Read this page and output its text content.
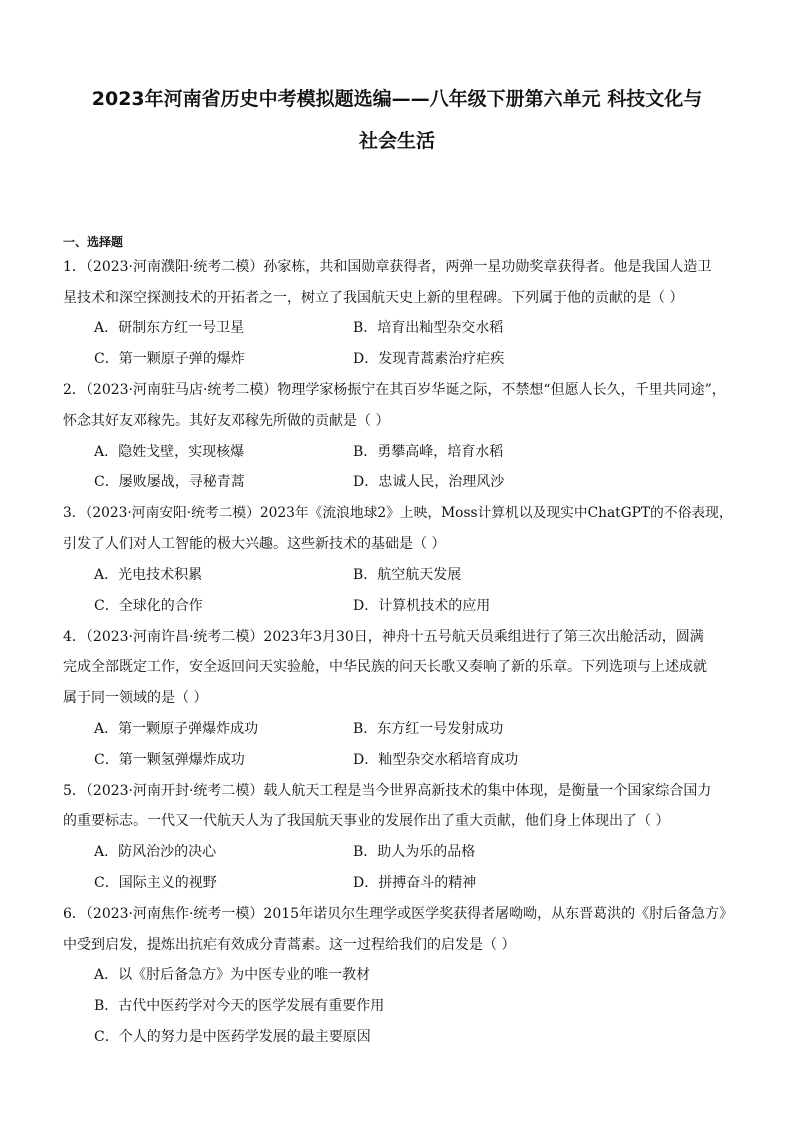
2023年河南省历史中考模拟题选编——八年级下册第六单元 科技文化与
社会生活

一、选择题

1．（2023·河南濮阳·统考二模）孙家栋，共和国勋章获得者，两弹一星功勋奖章获得者。他是我国人造卫

星技术和深空探测技术的开拓者之一，树立了我国航天史上新的里程碑。下列属于他的贡献的是（ ）

A．研制东方红一号卫星	B．培育出籼型杂交水稻

C．第一颗原子弹的爆炸	D．发现青蒿素治疗疟疾

2．（2023·河南驻马店·统考二模）物理学家杨振宁在其百岁华诞之际，不禁想“但愿人长久，千里共同途”，

怀念其好友邓稼先。其好友邓稼先所做的贡献是（ ）

A．隐姓戈壁，实现核爆	B．勇攀高峰，培育水稻

C．屡败屡战，寻秘青蒿	D．忠诚人民，治理风沙

3．（2023·河南安阳·统考二模）2023年《流浪地球2》上映，Moss计算机以及现实中ChatGPT的不俗表现，

引发了人们对人工智能的极大兴趣。这些新技术的基础是（ ）

A．光电技术积累	B．航空航天发展

C．全球化的合作	D．计算机技术的应用

4．（2023·河南许昌·统考二模）2023年3月30日，神舟十五号航天员乘组进行了第三次出舱活动，圆满

完成全部既定工作，安全返回问天实验舱，中华民族的问天长歌又奏响了新的乐章。下列选项与上述成就

属于同一领域的是（ ）

A．第一颗原子弹爆炸成功	B．东方红一号发射成功

C．第一颗氢弹爆炸成功	D．籼型杂交水稻培育成功

5．（2023·河南开封·统考二模）载人航天工程是当今世界高新技术的集中体现，是衡量一个国家综合国力

的重要标志。一代又一代航天人为了我国航天事业的发展作出了重大贡献，他们身上体现出了（ ）

A．防风治沙的决心	B．助人为乐的品格

C．国际主义的视野	D．拼搏奋斗的精神

6．（2023·河南焦作·统考一模）2015年诺贝尔生理学或医学奖获得者屠呦呦，从东晋葛洪的《肘后备急方》

中受到启发，提炼出抗疟有效成分青蒿素。这一过程给我们的启发是（ ）

A．以《肘后备急方》为中医专业的唯一教材

B．古代中医药学对今天的医学发展有重要作用

C．个人的努力是中医药学发展的最主要原因
